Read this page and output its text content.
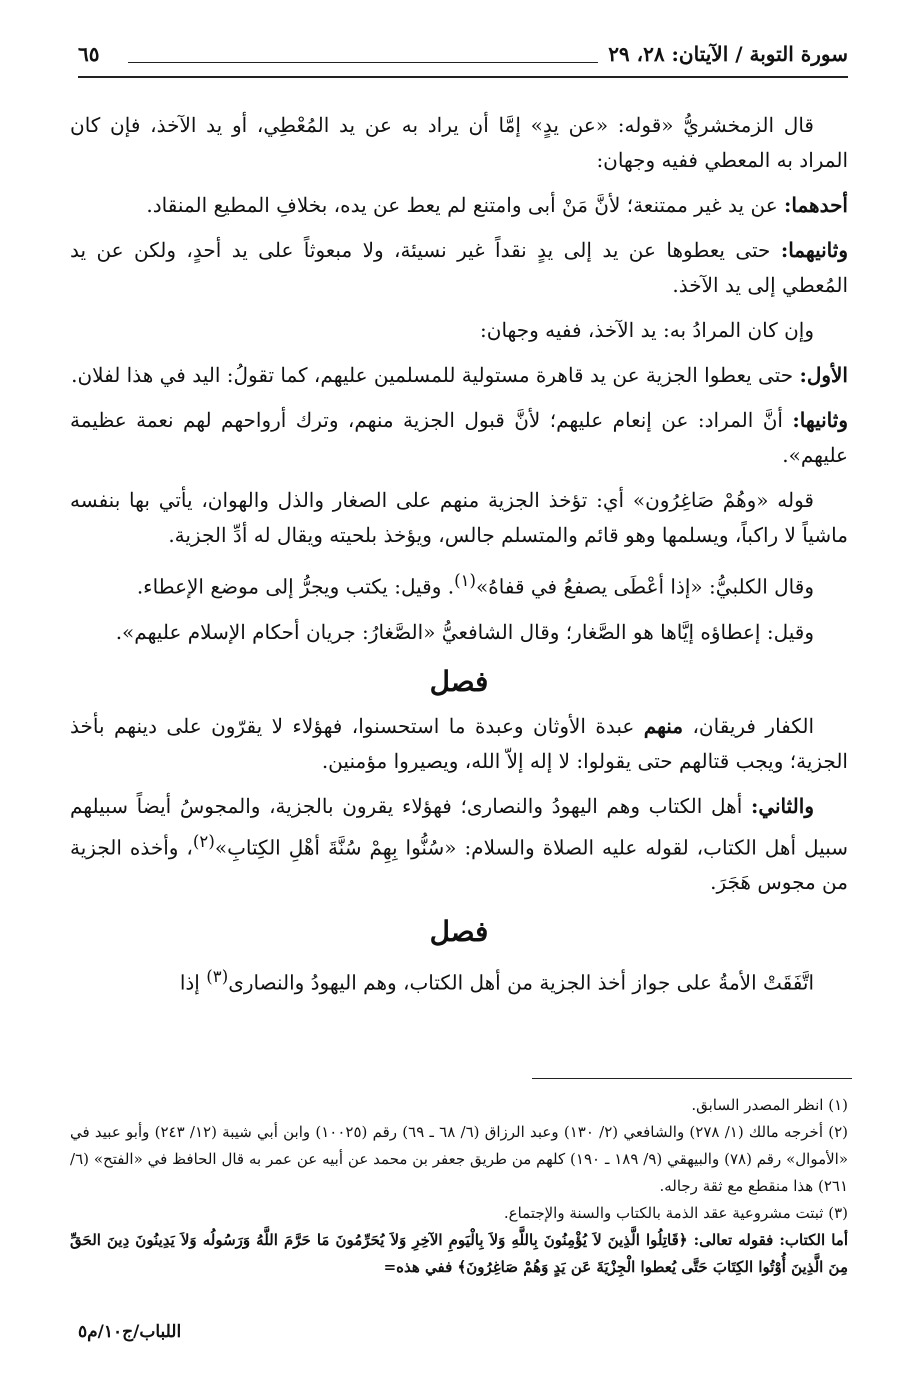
سورة التوبة / الآيتان: ٢٨، ٢٩
٦٥

قال الزمخشريُّ «قوله: «عن يدٍ» إمَّا أن يراد به عن يد المُعْطِي، أو يد الآخذ، فإن كان المراد به المعطي ففيه وجهان:

أحدهما: عن يد غير ممتنعة؛ لأنَّ مَنْ أبى وامتنع لم يعط عن يده، بخلافِ المطيع المنقاد.

وثانيهما: حتى يعطوها عن يد إلى يدٍ نقداً غير نسيئة، ولا مبعوثاً على يد أحدٍ، ولكن عن يد المُعطي إلى يد الآخذ.

وإن كان المرادُ به: يد الآخذ، ففيه وجهان:

الأول: حتى يعطوا الجزية عن يد قاهرة مستولية للمسلمين عليهم، كما تقولُ: اليد في هذا لفلان.

وثانيها: أنَّ المراد: عن إنعام عليهم؛ لأنَّ قبول الجزية منهم، وترك أرواحهم لهم نعمة عظيمة عليهم».

قوله «وهُمْ صَاغِرُون» أي: تؤخذ الجزية منهم على الصغار والذل والهوان، يأتي بها بنفسه ماشياً لا راكباً، ويسلمها وهو قائم والمتسلم جالس، ويؤخذ بلحيته ويقال له أدِّ الجزية.

وقال الكلبيُّ: «إذا أعْطَى يصفعُ في قفاهُ»$^{(١)}$. وقيل: يكتب ويجرُّ إلى موضع الإعطاء.

وقيل: إعطاؤه إيَّاها هو الصَّغار؛ وقال الشافعيُّ «الصَّغارُ: جريان أحكام الإسلام عليهم».

فصل

الكفار فريقان، منهم عبدة الأوثان وعبدة ما استحسنوا، فهؤلاء لا يقرّون على دينهم بأخذ الجزية؛ ويجب قتالهم حتى يقولوا: لا إله إلاّ الله، ويصيروا مؤمنين.

والثاني: أهل الكتاب وهم اليهودُ والنصارى؛ فهؤلاء يقرون بالجزية، والمجوسُ أيضاً سبيلهم سبيل أهل الكتاب، لقوله عليه الصلاة والسلام: «سُنُّوا بِهِمْ سُنَّةَ أهْلِ الكِتابِ»$^{(٢)}$، وأخذه الجزية من مجوس هَجَرَ.

فصل

اتَّفَقَتْ الأمةُ على جواز أخذ الجزية من أهل الكتاب، وهم اليهودُ والنصارى$^{(٣)}$ إذا

(١) انظر المصدر السابق.

(٢) أخرجه مالك (١/ ٢٧٨) والشافعي (٢/ ١٣٠) وعبد الرزاق (٦/ ٦٨ ـ ٦٩) رقم (١٠٠٢٥) وابن أبي شيبة (١٢/ ٢٤٣) وأبو عبيد في «الأموال» رقم (٧٨) والبيهقي (٩/ ١٨٩ ـ ١٩٠) كلهم من طريق جعفر بن محمد عن أبيه عن عمر به قال الحافظ في «الفتح» (٦/ ٢٦١) هذا منقطع مع ثقة رجاله.

(٣) ثبتت مشروعية عقد الذمة بالكتاب والسنة والإجتماع.

أما الكتاب: فقوله تعالى: ﴿قَاتِلُوا الَّذِينَ لاَ يُؤْمِنُونَ بِاللَّهِ وَلاَ بِالْيَومِ الآخِرِ وَلاَ يُحَرِّمُونَ مَا حَرَّمَ اللَّهُ وَرَسُولُه وَلاَ يَدِينُونَ دِينَ الحَقِّ مِنَ الَّذِينَ أُوْتُوا الكِتَابَ حَتَّى يُعطوا الْجِزْيَةَ عَن يَدٍ وَهُمْ صَاغِرُونَ﴾ ففي هذه=

اللباب/ج١٠/م٥
